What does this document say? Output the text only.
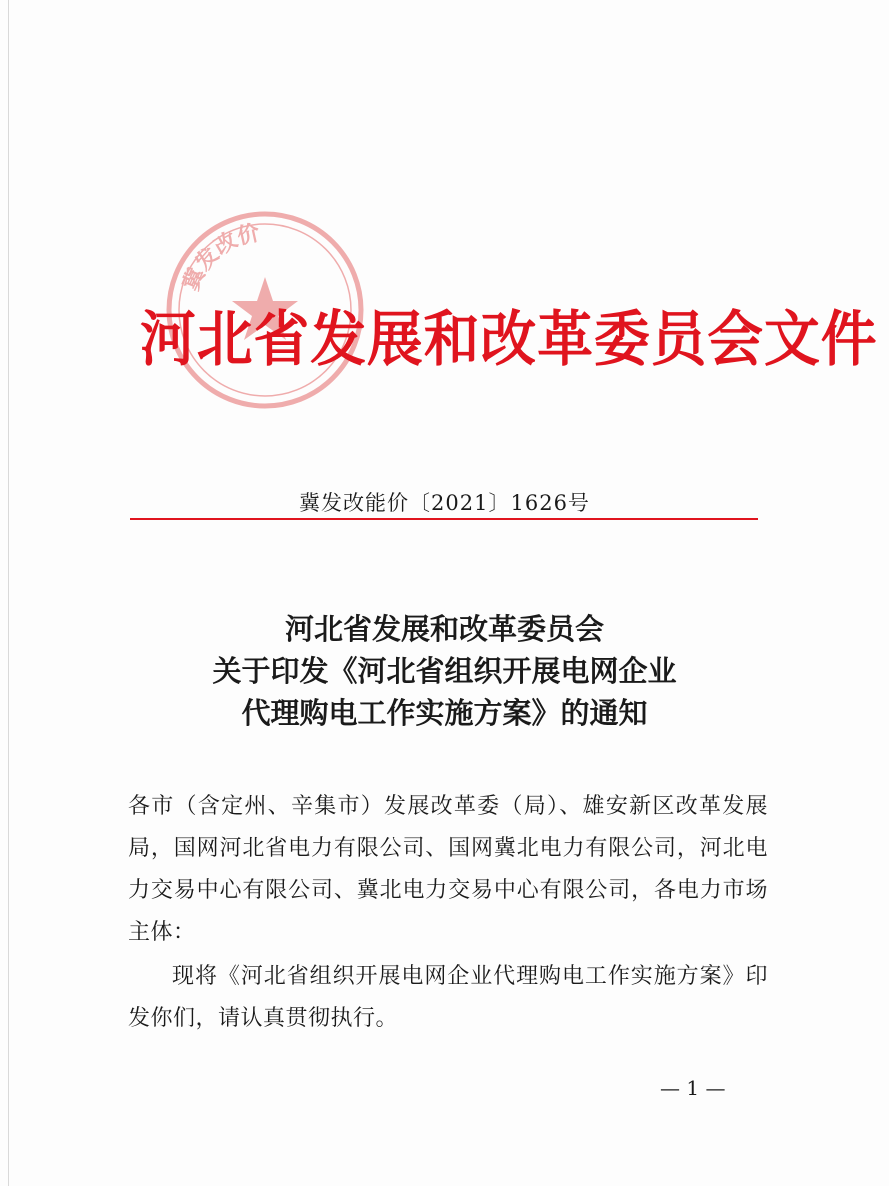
冀发改价
河北省发展和改革委员会文件
冀发改能价〔2021〕1626号
河北省发展和改革委员会
关于印发《河北省组织开展电网企业
代理购电工作实施方案》的通知
各市（含定州、辛集市）发展改革委（局）、雄安新区改革发展局，国网河北省电力有限公司、国网冀北电力有限公司，河北电力交易中心有限公司、冀北电力交易中心有限公司，各电力市场主体：
现将《河北省组织开展电网企业代理购电工作实施方案》印发你们，请认真贯彻执行。
— 1 —
